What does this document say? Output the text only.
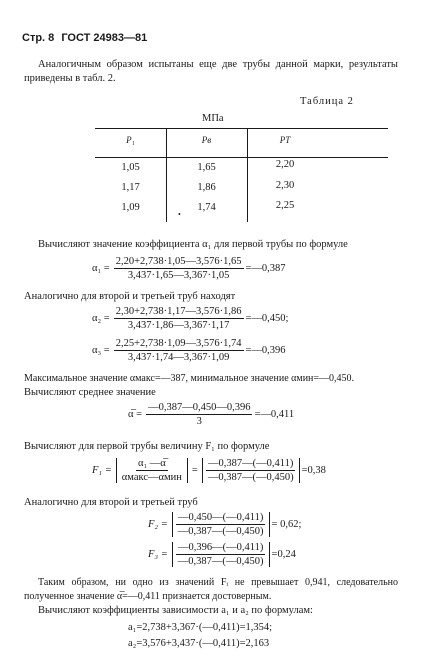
Стр. 8 ГОСТ 24983—81
Аналогичным образом испытаны еще две трубы данной марки, результаты приведены в табл. 2.
Таблица 2
МПа
P₁	Pв	PT
1,05	1,65	2,20
1,17	1,86	2,30
1,09	1,74	2,25
•
Вычисляют значение коэффициента α₁ для первой трубы по формуле
$\alpha_1 = \frac{2,20+2,738\cdot 1,05—3,576\cdot 1,65}{3,437\cdot 1,65—3,367\cdot 1,05}$ =—0,387
Аналогично для второй и третьей труб находят
$\alpha_2 = \frac{2,30+2,738\cdot 1,17—3,576\cdot 1,86}{3,437\cdot 1,86—3,367\cdot 1,17}$ =—0,450;
$\alpha_3 = \frac{2,25+2,738\cdot 1,09—3,576\cdot 1,74}{3,437\cdot 1,74—3,367\cdot 1,09}$ =—0,396
Максимальное значение αмакс=—387, минимальное значение αмин=—0,450.
Вычисляют среднее значение
α̅ = $\frac{—0,387—0,450—0,396}{3}$ =—0,411
Вычисляют для первой трубы величину F₁ по формуле
$F_1 = \frac{\text{α₁ —α̅}}{\text{αмакс—αмин}} = \frac{—0,387—(—0,411)}{—0,387—(—0,450)} =0,38$
Аналогично для второй и третьей труб
$F_2 = \frac{—0,450—(—0,411)}{—0,387—(—0,450)} = 0,62$;
$F_3 = \frac{—0,396—(—0,411)}{—0,387—(—0,450)} =0,24$
Таким образом, ни одно из значений Fᵢ не превышает 0,941, следовательно полученное значение α̅=—0,411 признается достоверным.
Вычисляют коэффициенты зависимости a₁ и a₂ по формулам:
a₁=2,738+3,367·(—0,411)=1,354;
a₂=3,576+3,437·(—0,411)=2,163
